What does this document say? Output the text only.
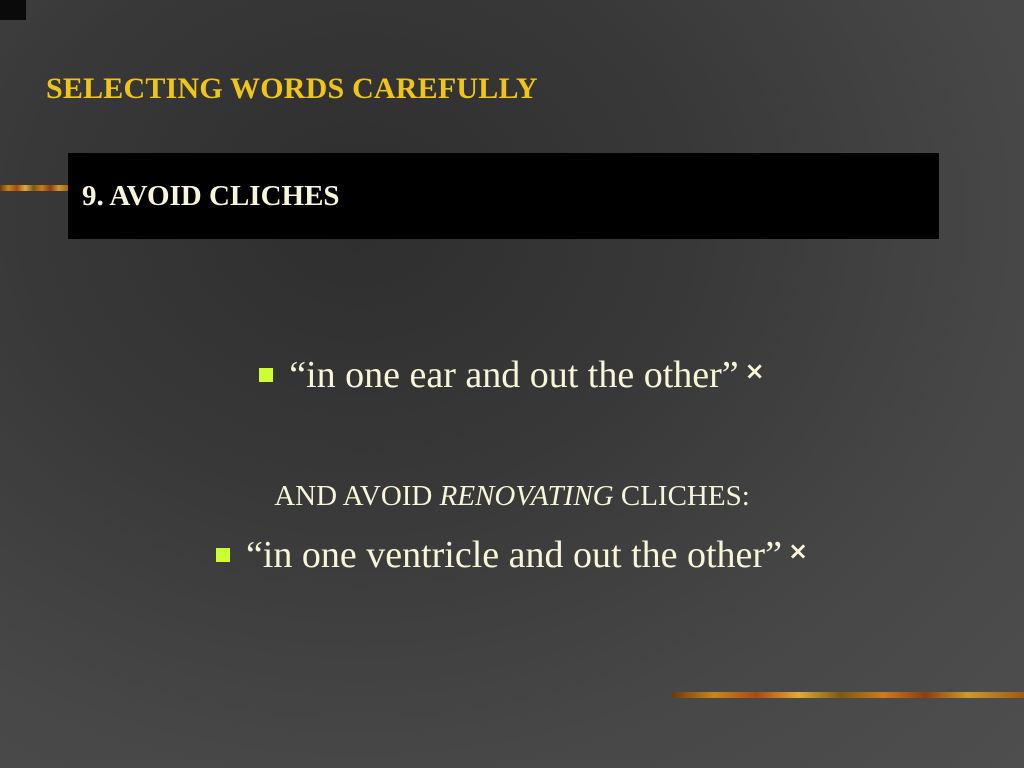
SELECTING WORDS CAREFULLY
9. AVOID CLICHES
“in one ear and out the other” ×
AND AVOID RENOVATING CLICHES:
“in one ventricle and out the other” ×
